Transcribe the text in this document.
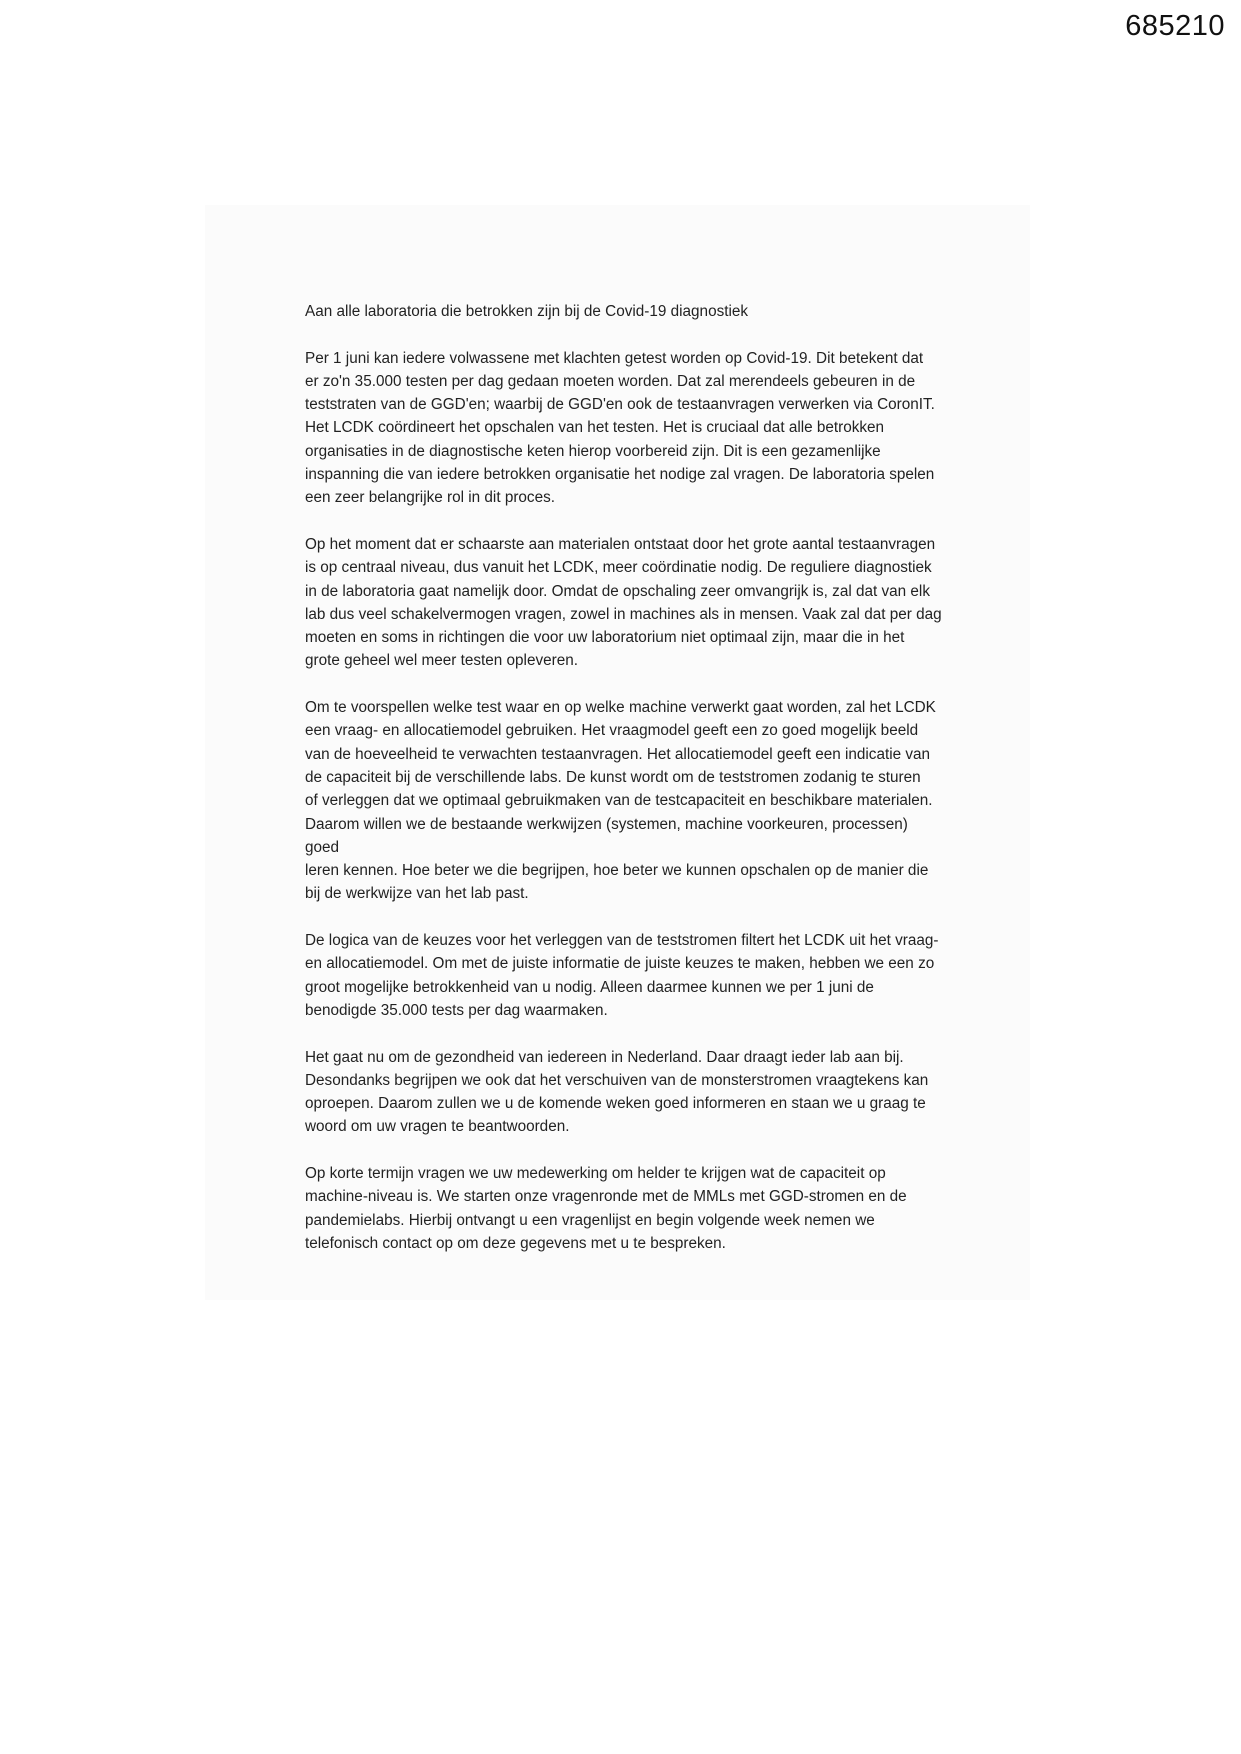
685210

Aan alle laboratoria die betrokken zijn bij de Covid-19 diagnostiek

Per 1 juni kan iedere volwassene met klachten getest worden op Covid-19. Dit betekent dat
er zo'n 35.000 testen per dag gedaan moeten worden. Dat zal merendeels gebeuren in de
teststraten van de GGD'en; waarbij de GGD'en ook de testaanvragen verwerken via CoronIT.
Het LCDK coördineert het opschalen van het testen. Het is cruciaal dat alle betrokken
organisaties in de diagnostische keten hierop voorbereid zijn. Dit is een gezamenlijke
inspanning die van iedere betrokken organisatie het nodige zal vragen. De laboratoria spelen
een zeer belangrijke rol in dit proces.

Op het moment dat er schaarste aan materialen ontstaat door het grote aantal testaanvragen
is op centraal niveau, dus vanuit het LCDK, meer coördinatie nodig. De reguliere diagnostiek
in de laboratoria gaat namelijk door. Omdat de opschaling zeer omvangrijk is, zal dat van elk
lab dus veel schakelvermogen vragen, zowel in machines als in mensen. Vaak zal dat per dag
moeten en soms in richtingen die voor uw laboratorium niet optimaal zijn, maar die in het
grote geheel wel meer testen opleveren.

Om te voorspellen welke test waar en op welke machine verwerkt gaat worden, zal het LCDK
een vraag- en allocatiemodel gebruiken. Het vraagmodel geeft een zo goed mogelijk beeld
van de hoeveelheid te verwachten testaanvragen. Het allocatiemodel geeft een indicatie van
de capaciteit bij de verschillende labs. De kunst wordt om de teststromen zodanig te sturen
of verleggen dat we optimaal gebruikmaken van de testcapaciteit en beschikbare materialen.
Daarom willen we de bestaande werkwijzen (systemen, machine voorkeuren, processen) goed
leren kennen. Hoe beter we die begrijpen, hoe beter we kunnen opschalen op de manier die
bij de werkwijze van het lab past.

De logica van de keuzes voor het verleggen van de teststromen filtert het LCDK uit het vraag-
en allocatiemodel. Om met de juiste informatie de juiste keuzes te maken, hebben we een zo
groot mogelijke betrokkenheid van u nodig. Alleen daarmee kunnen we per 1 juni de
benodigde 35.000 tests per dag waarmaken.

Het gaat nu om de gezondheid van iedereen in Nederland. Daar draagt ieder lab aan bij.
Desondanks begrijpen we ook dat het verschuiven van de monsterstromen vraagtekens kan
oproepen. Daarom zullen we u de komende weken goed informeren en staan we u graag te
woord om uw vragen te beantwoorden.

Op korte termijn vragen we uw medewerking om helder te krijgen wat de capaciteit op
machine-niveau is. We starten onze vragenronde met de MMLs met GGD-stromen en de
pandemielabs. Hierbij ontvangt u een vragenlijst en begin volgende week nemen we
telefonisch contact op om deze gegevens met u te bespreken.
